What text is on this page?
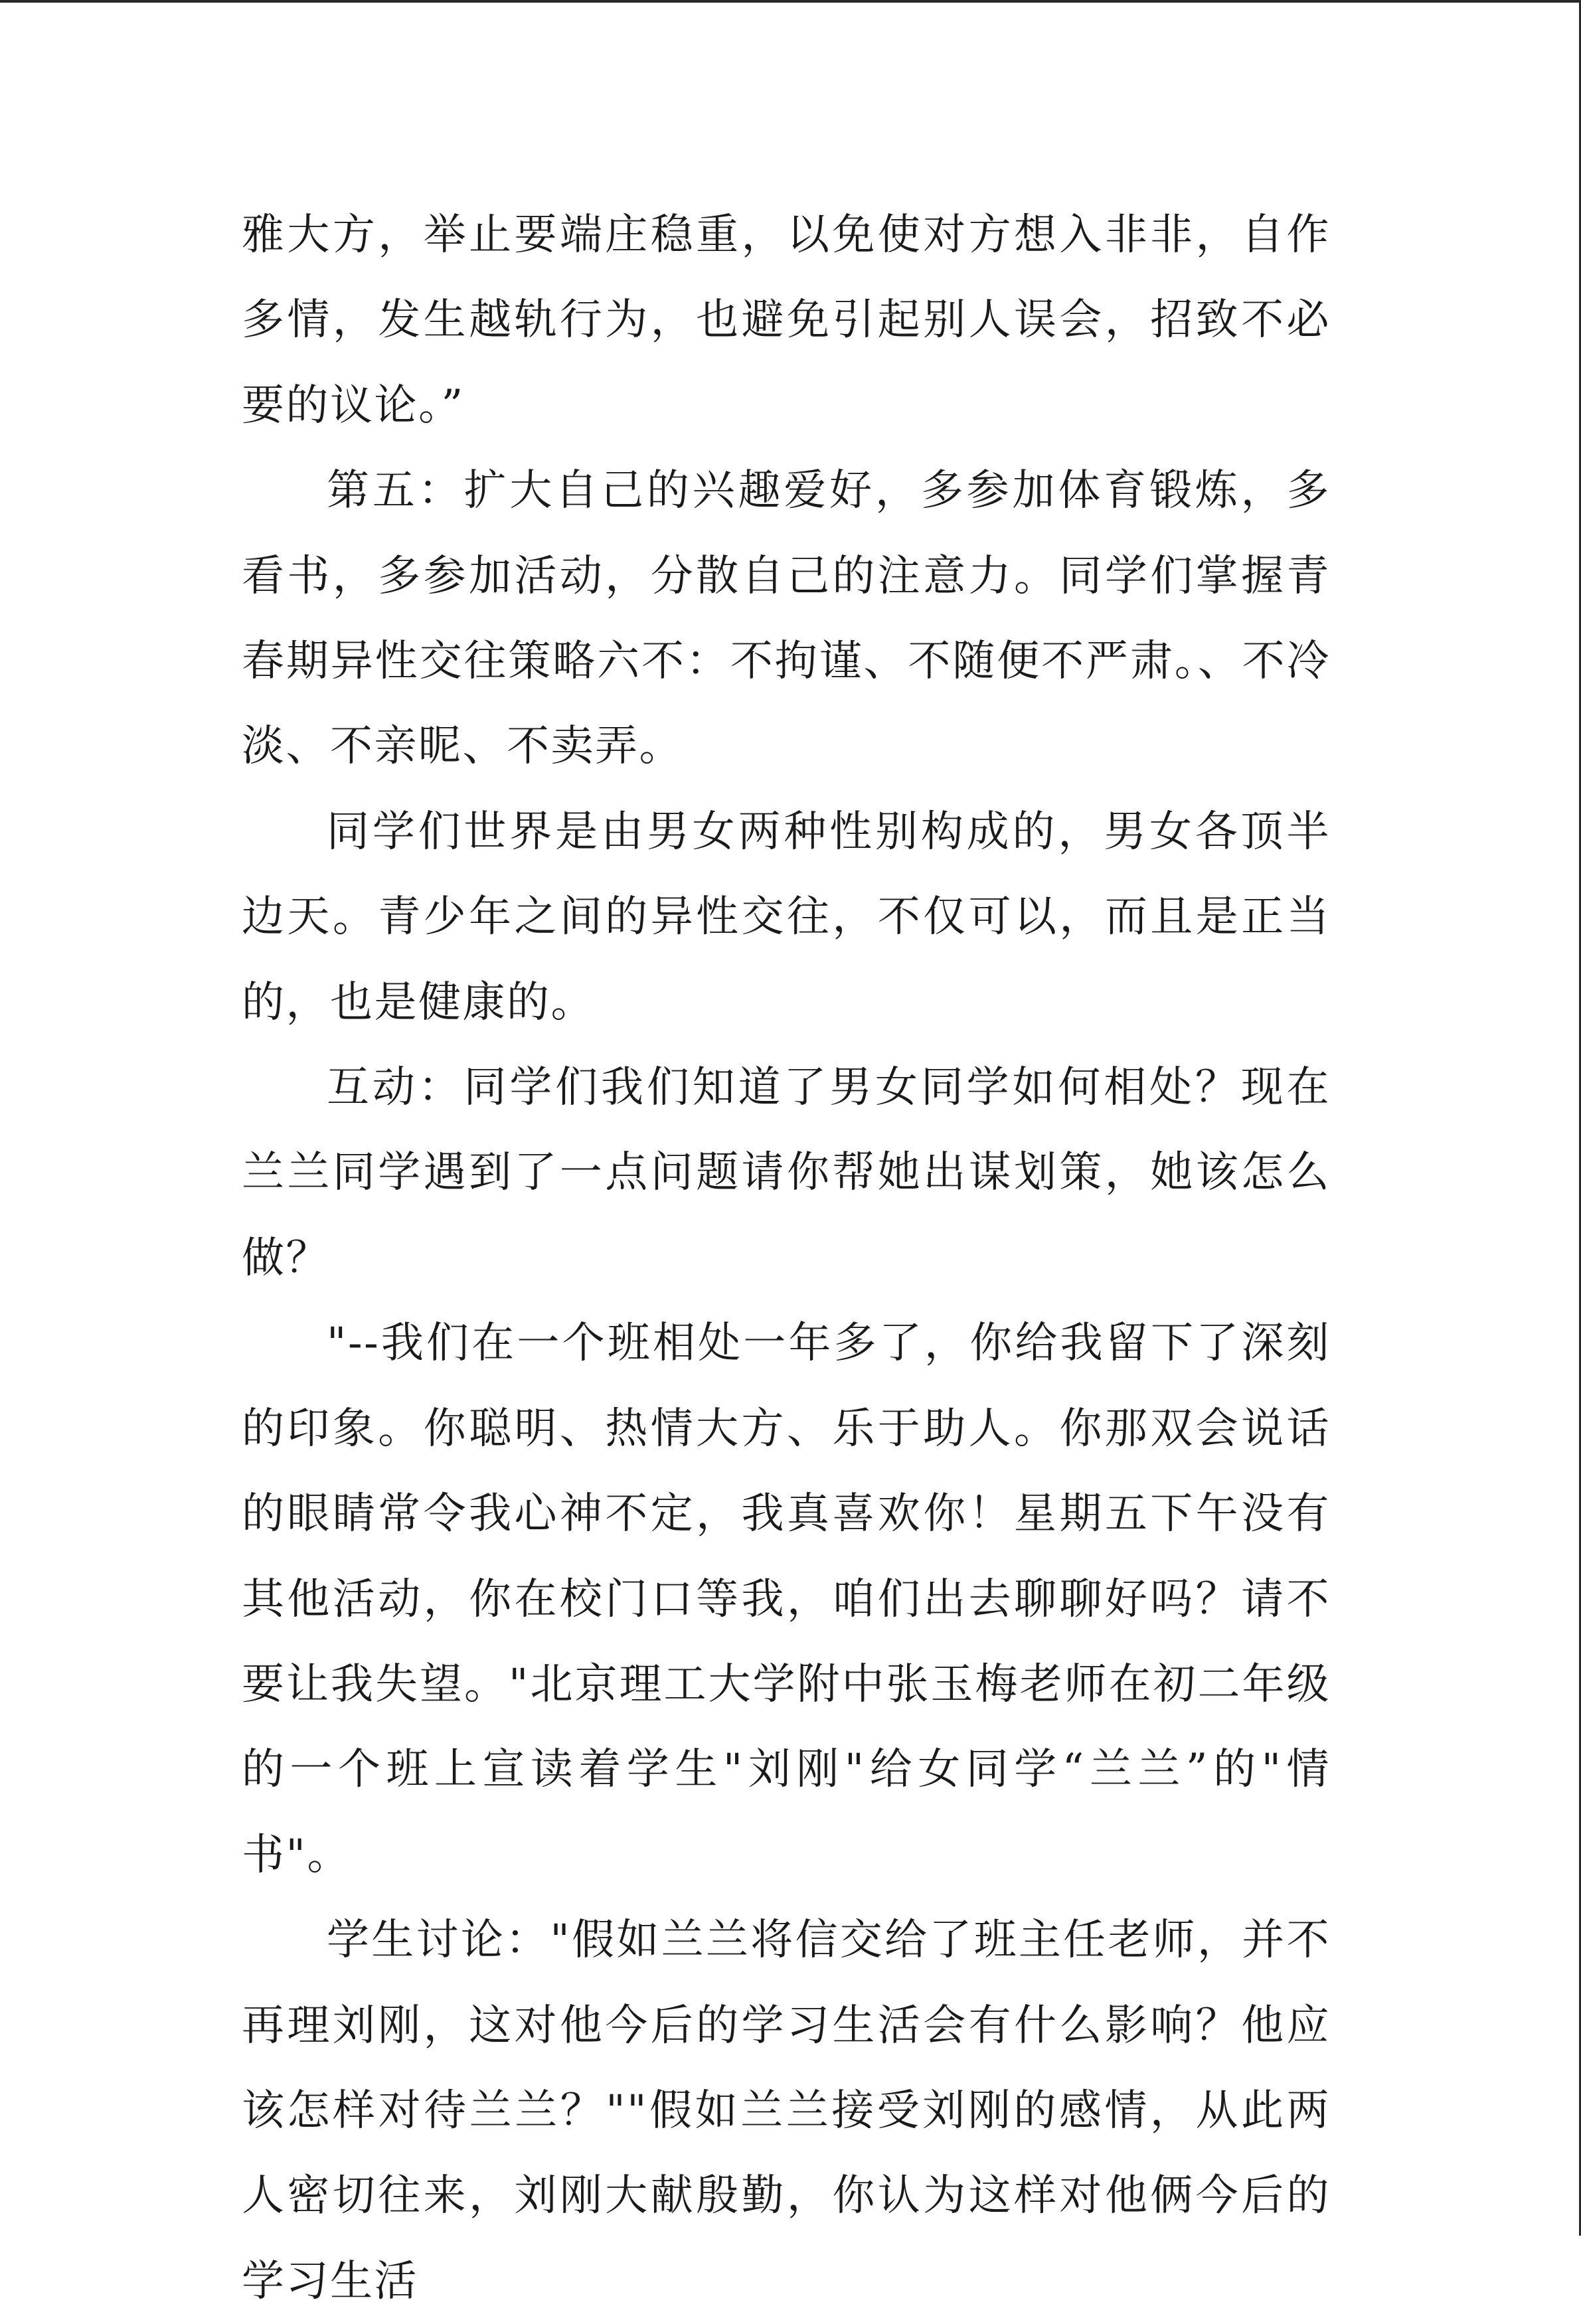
雅大方，举止要端庄稳重，以免使对方想入非非，自作多情，发生越轨行为，也避免引起别人误会，招致不必要的议论。”

第五：扩大自己的兴趣爱好，多参加体育锻炼，多看书，多参加活动，分散自己的注意力。同学们掌握青春期异性交往策略六不：不拘谨、不随便不严肃。、不冷淡、不亲昵、不卖弄。

同学们世界是由男女两种性别构成的，男女各顶半边天。青少年之间的异性交往，不仅可以，而且是正当的，也是健康的。

互动：同学们我们知道了男女同学如何相处？现在兰兰同学遇到了一点问题请你帮她出谋划策，她该怎么做？

"--我们在一个班相处一年多了，你给我留下了深刻的印象。你聪明、热情大方、乐于助人。你那双会说话的眼睛常令我心神不定，我真喜欢你！星期五下午没有其他活动，你在校门口等我，咱们出去聊聊好吗？请不要让我失望。"北京理工大学附中张玉梅老师在初二年级的一个班上宣读着学生"刘刚"给女同学“兰兰”的"情书"。

学生讨论："假如兰兰将信交给了班主任老师，并不再理刘刚，这对他今后的学习生活会有什么影响？他应该怎样对待兰兰？""假如兰兰接受刘刚的感情，从此两人密切往来，刘刚大献殷勤，你认为这样对他俩今后的学习生活
